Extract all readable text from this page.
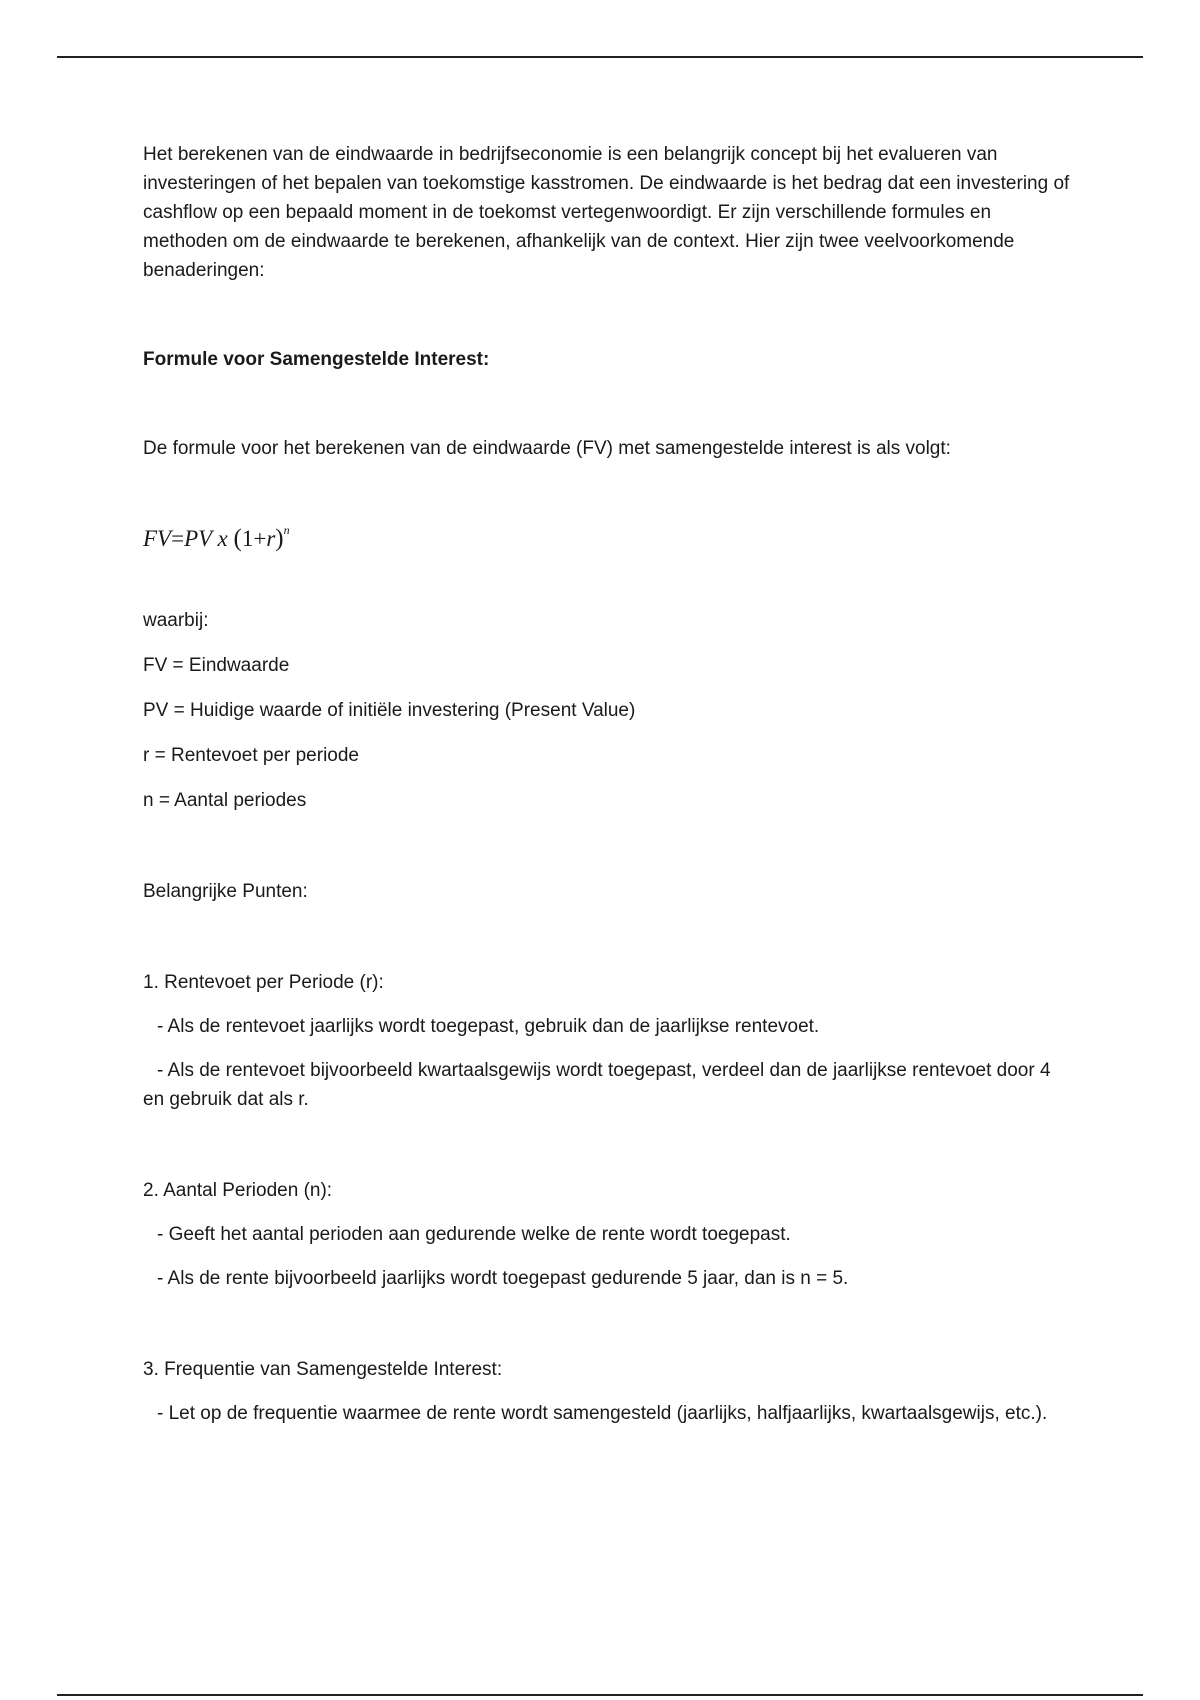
Het berekenen van de eindwaarde in bedrijfseconomie is een belangrijk concept bij het evalueren van investeringen of het bepalen van toekomstige kasstromen. De eindwaarde is het bedrag dat een investering of cashflow op een bepaald moment in de toekomst vertegenwoordigt. Er zijn verschillende formules en methoden om de eindwaarde te berekenen, afhankelijk van de context. Hier zijn twee veelvoorkomende benaderingen:

Formule voor Samengestelde Interest:

De formule voor het berekenen van de eindwaarde (FV) met samengestelde interest is als volgt:

FV=PV x $(1+r)^n$

waarbij:

FV = Eindwaarde

PV = Huidige waarde of initiële investering (Present Value)

r = Rentevoet per periode

n = Aantal periodes

Belangrijke Punten:

1. Rentevoet per Periode (r):

- Als de rentevoet jaarlijks wordt toegepast, gebruik dan de jaarlijkse rentevoet.

- Als de rentevoet bijvoorbeeld kwartaalsgewijs wordt toegepast, verdeel dan de jaarlijkse rentevoet door 4 en gebruik dat als r.

2. Aantal Perioden (n):

- Geeft het aantal perioden aan gedurende welke de rente wordt toegepast.

- Als de rente bijvoorbeeld jaarlijks wordt toegepast gedurende 5 jaar, dan is n = 5.

3. Frequentie van Samengestelde Interest:

- Let op de frequentie waarmee de rente wordt samengesteld (jaarlijks, halfjaarlijks, kwartaalsgewijs, etc.).
